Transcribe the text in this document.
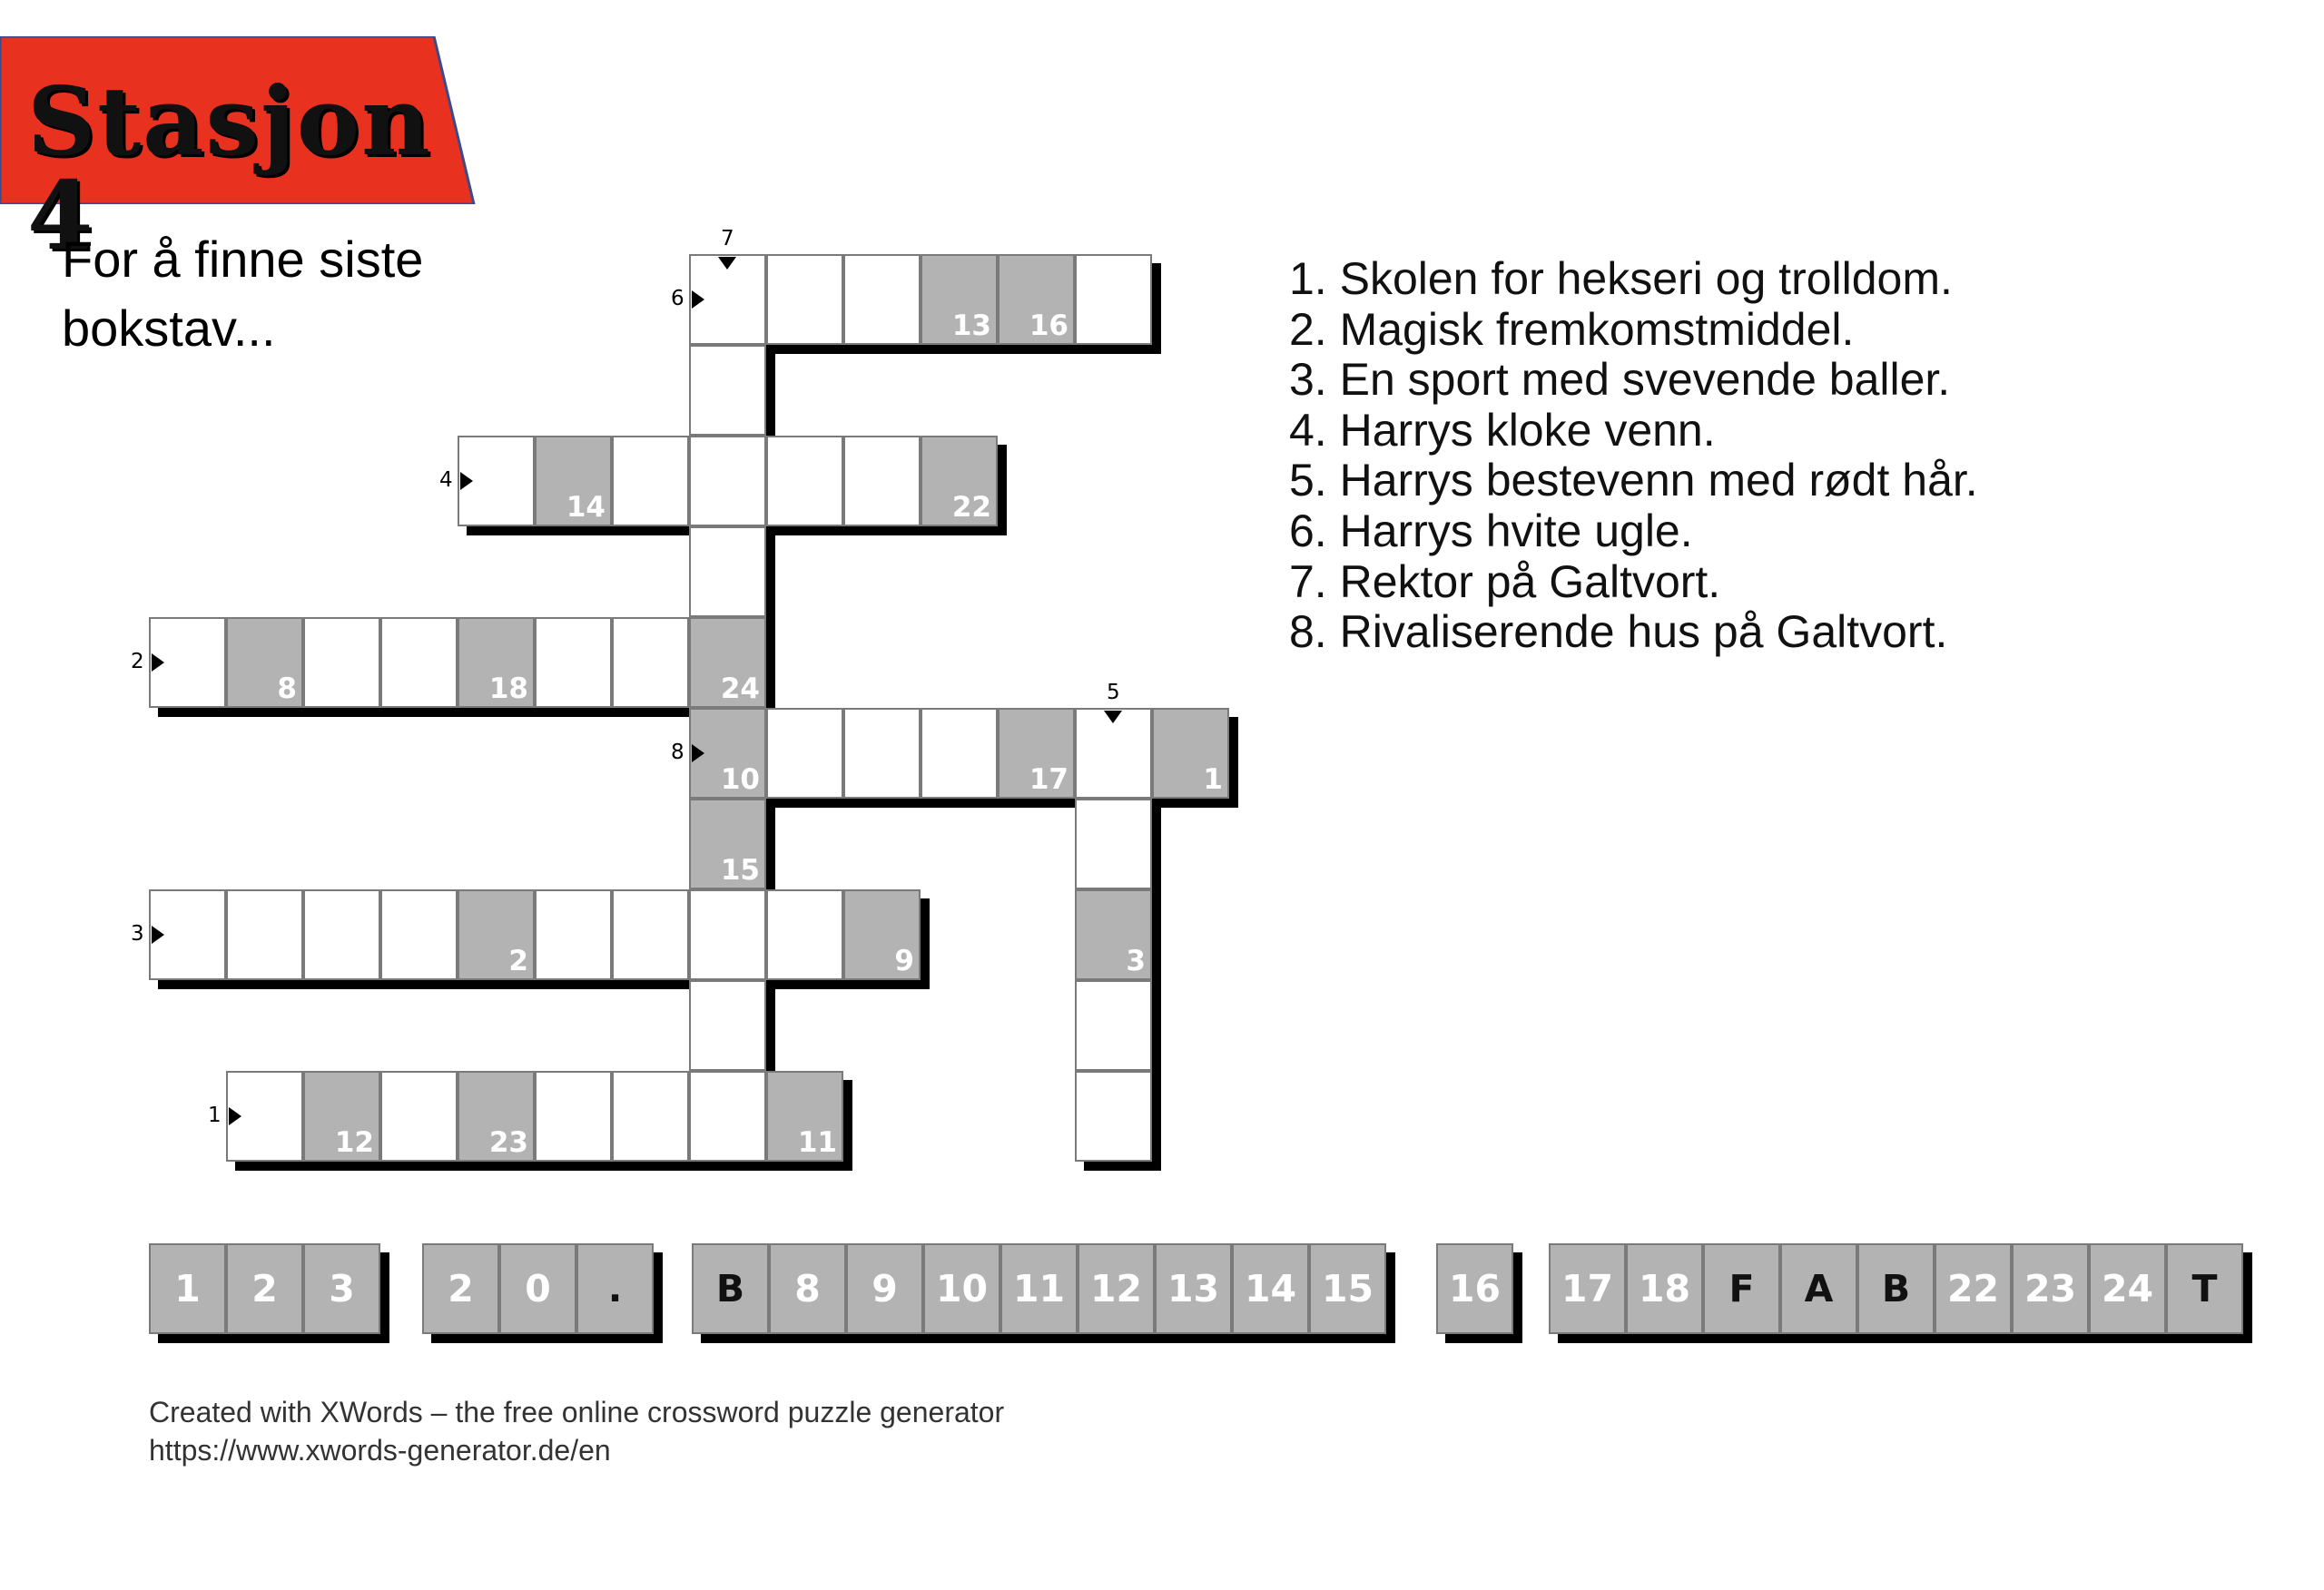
Stasjon 4
For å finne siste bokstav...
12	23	11
8	18	24
2	9
14	22
3
13 16
10
15
17	1
1
2
3
4
5
6
7
8
1. Skolen for hekseri og trolldom.
2. Magisk fremkomstmiddel.
3. En sport med svevende baller.
4. Harrys kloke venn.
5. Harrys bestevenn med rødt hår.
6. Harrys hvite ugle.
7. Rektor på Galtvort.
8. Rivaliserende hus på Galtvort.
1	2	3	2	0	.	B	8	9	10 11 12 13 14 15	16	17 18	F	A	B 22 23 24	T
Created with XWords – the free online crossword puzzle generator
https://www.xwords-generator.de/en
